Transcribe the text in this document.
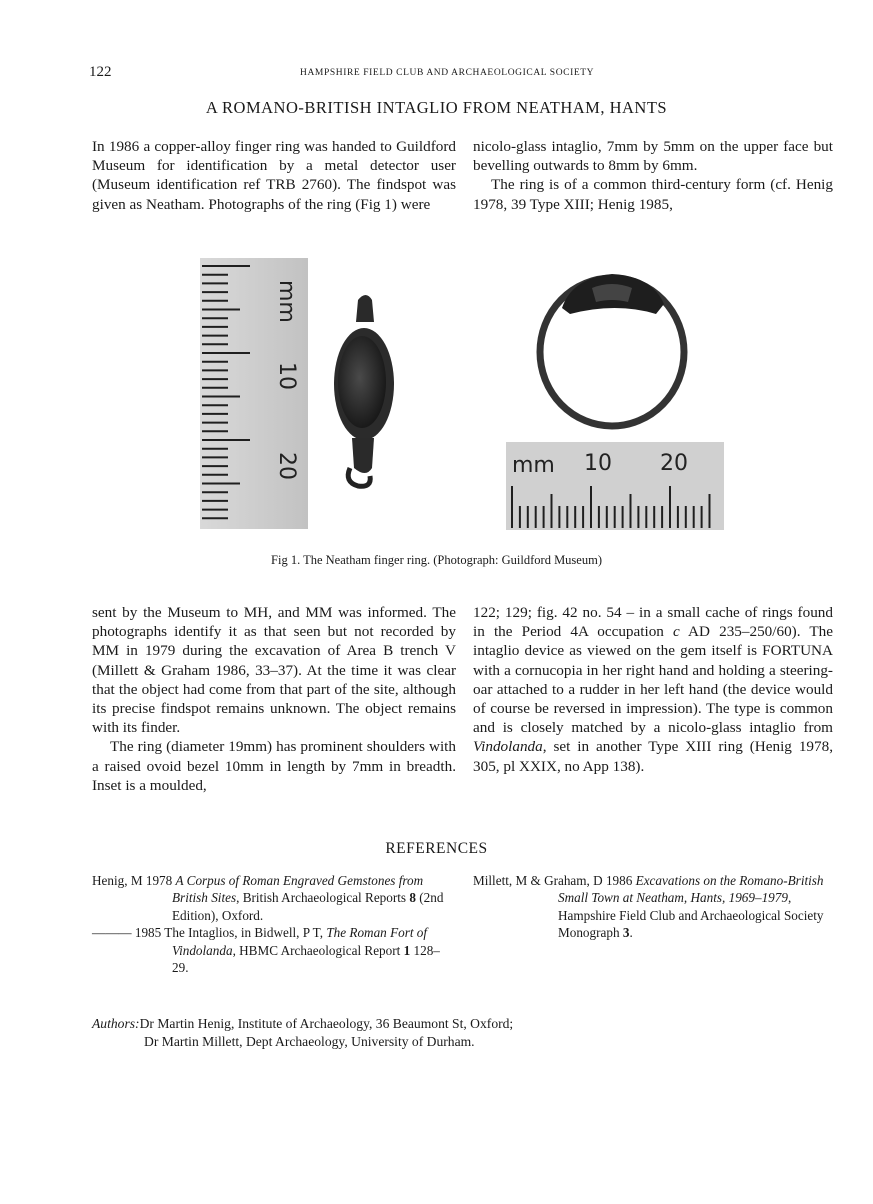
122	HAMPSHIRE FIELD CLUB AND ARCHAEOLOGICAL SOCIETY
A ROMANO-BRITISH INTAGLIO FROM NEATHAM, HANTS

In 1986 a copper-alloy finger ring was handed to Guildford Museum for identification by a metal detector user (Museum identification ref TRB 2760). The findspot was given as Neatham. Photographs of the ring (Fig 1) were

nicolo-glass intaglio, 7mm by 5mm on the upper face but bevelling outwards to 8mm by 6mm.

The ring is of a common third-century form (cf. Henig 1978, 39 Type XIII; Henig 1985,

mm
10
20	mm 10 20
Fig 1. The Neatham finger ring. (Photograph: Guildford Museum)

sent by the Museum to MH, and MM was informed. The photographs identify it as that seen but not recorded by MM in 1979 during the excavation of Area B trench V (Millett & Graham 1986, 33–37). At the time it was clear that the object had come from that part of the site, although its precise findspot remains unknown. The object remains with its finder.

The ring (diameter 19mm) has prominent shoulders with a raised ovoid bezel 10mm in length by 7mm in breadth. Inset is a moulded,

122; 129; fig. 42 no. 54 – in a small cache of rings found in the Period 4A occupation c AD 235–250/60). The intaglio device as viewed on the gem itself is FORTUNA with a cornucopia in her right hand and holding a steering-oar attached to a rudder in her left hand (the device would of course be reversed in impression). The type is common and is closely matched by a nicolo-glass intaglio from Vindolanda, set in another Type XIII ring (Henig 1978, 305, pl XXIX, no App 138).

REFERENCES

Henig, M 1978 A Corpus of Roman Engraved Gemstones from British Sites, British Archaeological Reports 8 (2nd Edition), Oxford.

——— 1985 The Intaglios, in Bidwell, P T, The Roman Fort of Vindolanda, HBMC Archaeological Report 1 128–29.

Millett, M & Graham, D 1986 Excavations on the Romano-British Small Town at Neatham, Hants, 1969–1979, Hampshire Field Club and Archaeological Society Monograph 3.

Authors:Dr Martin Henig, Institute of Archaeology, 36 Beaumont St, Oxford;
Dr Martin Millett, Dept Archaeology, University of Durham.
